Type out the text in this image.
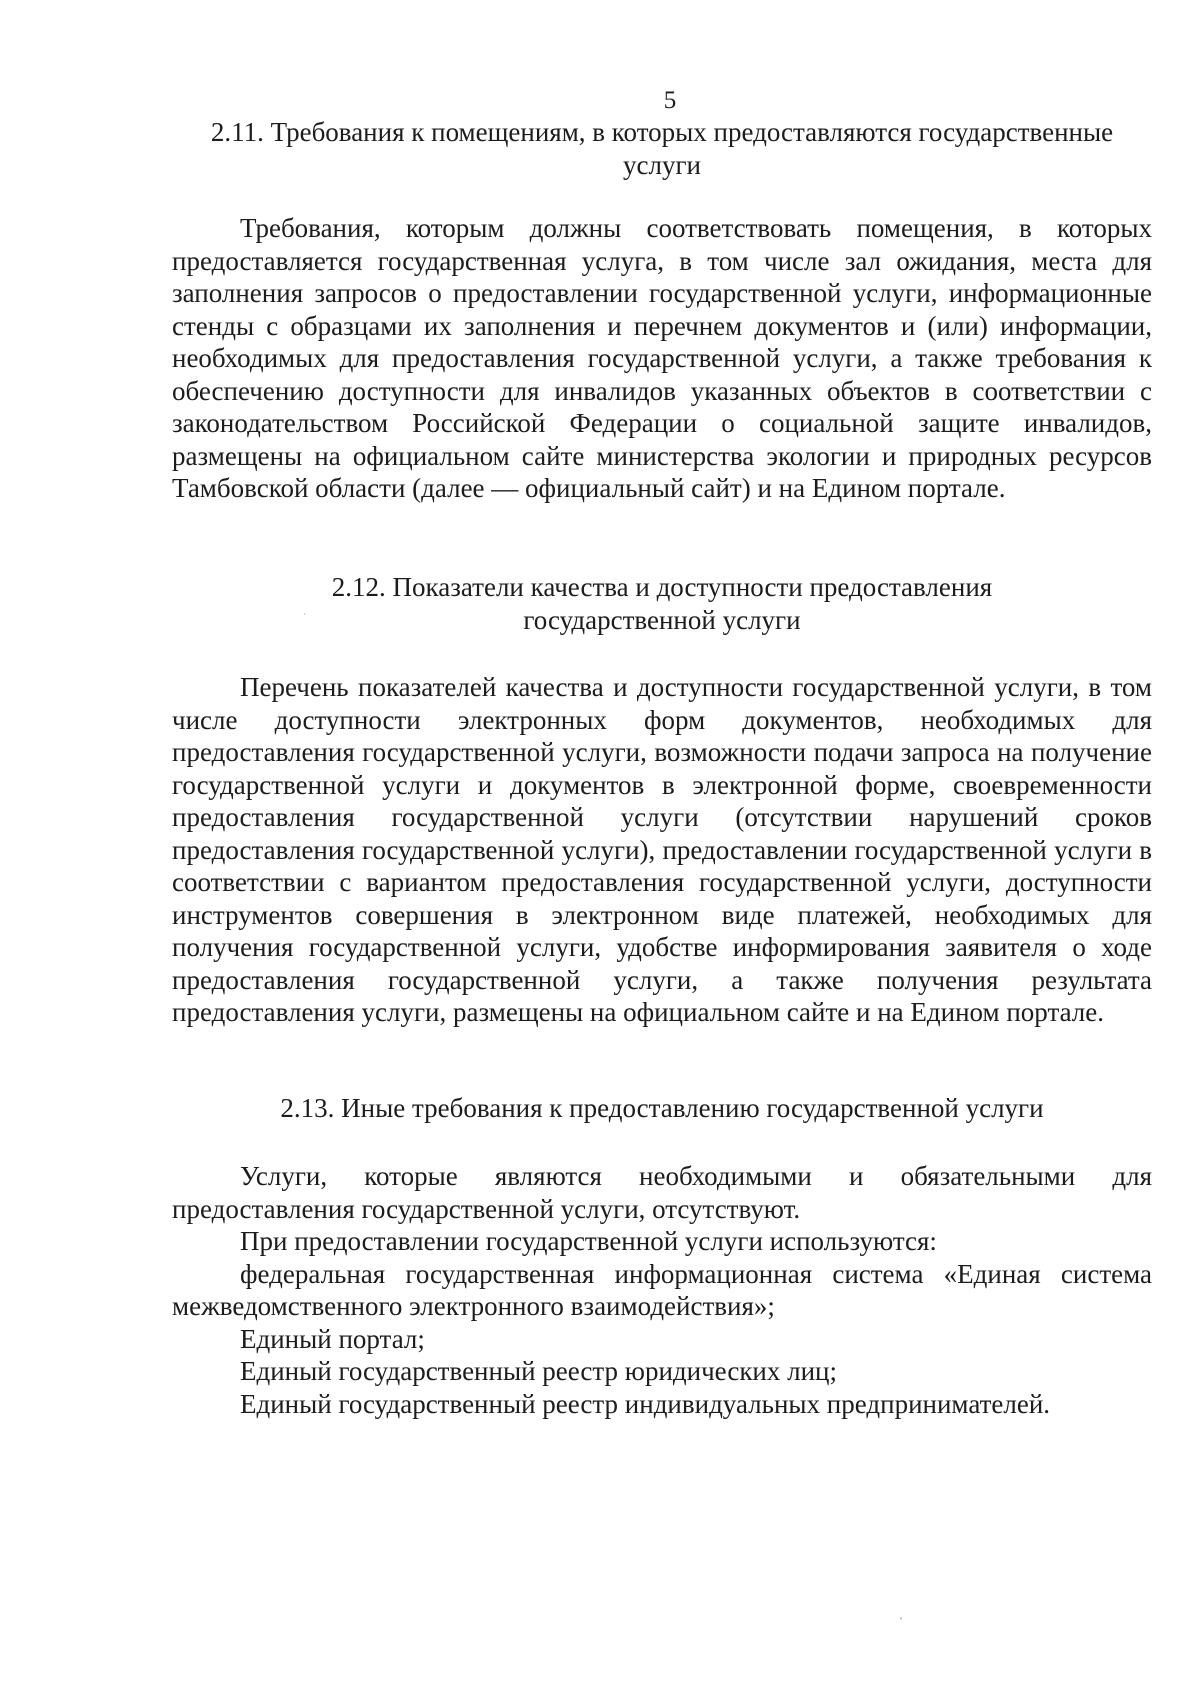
5
2.11. Требования к помещениям, в которых предоставляются государственные услуги

Требования, которым должны соответствовать помещения, в которых предоставляется государственная услуга, в том числе зал ожидания, места для заполнения запросов о предоставлении государственной услуги, информационные стенды с образцами их заполнения и перечнем документов и (или) информации, необходимых для предоставления государственной услуги, а также требования к обеспечению доступности для инвалидов указанных объектов в соответствии с законодательством Российской Федерации о социальной защите инвалидов, размещены на официальном сайте министерства экологии и природных ресурсов Тамбовской области (далее — официальный сайт) и на Едином портале.

2.12. Показатели качества и доступности предоставления
государственной услуги

Перечень показателей качества и доступности государственной услуги, в том числе доступности электронных форм документов, необходимых для предоставления государственной услуги, возможности подачи запроса на получение государственной услуги и документов в электронной форме, своевременности предоставления государственной услуги (отсутствии нарушений сроков предоставления государственной услуги), предоставлении государственной услуги в соответствии с вариантом предоставления государственной услуги, доступности инструментов совершения в электронном виде платежей, необходимых для получения государственной услуги, удобстве информирования заявителя о ходе предоставления государственной услуги, а также получения результата предоставления услуги, размещены на официальном сайте и на Едином портале.

2.13. Иные требования к предоставлению государственной услуги

Услуги, которые являются необходимыми и обязательными для предоставления государственной услуги, отсутствуют.

При предоставлении государственной услуги используются:

федеральная государственная информационная система «Единая система межведомственного электронного взаимодействия»;

Единый портал;

Единый государственный реестр юридических лиц;

Единый государственный реестр индивидуальных предпринимателей.
